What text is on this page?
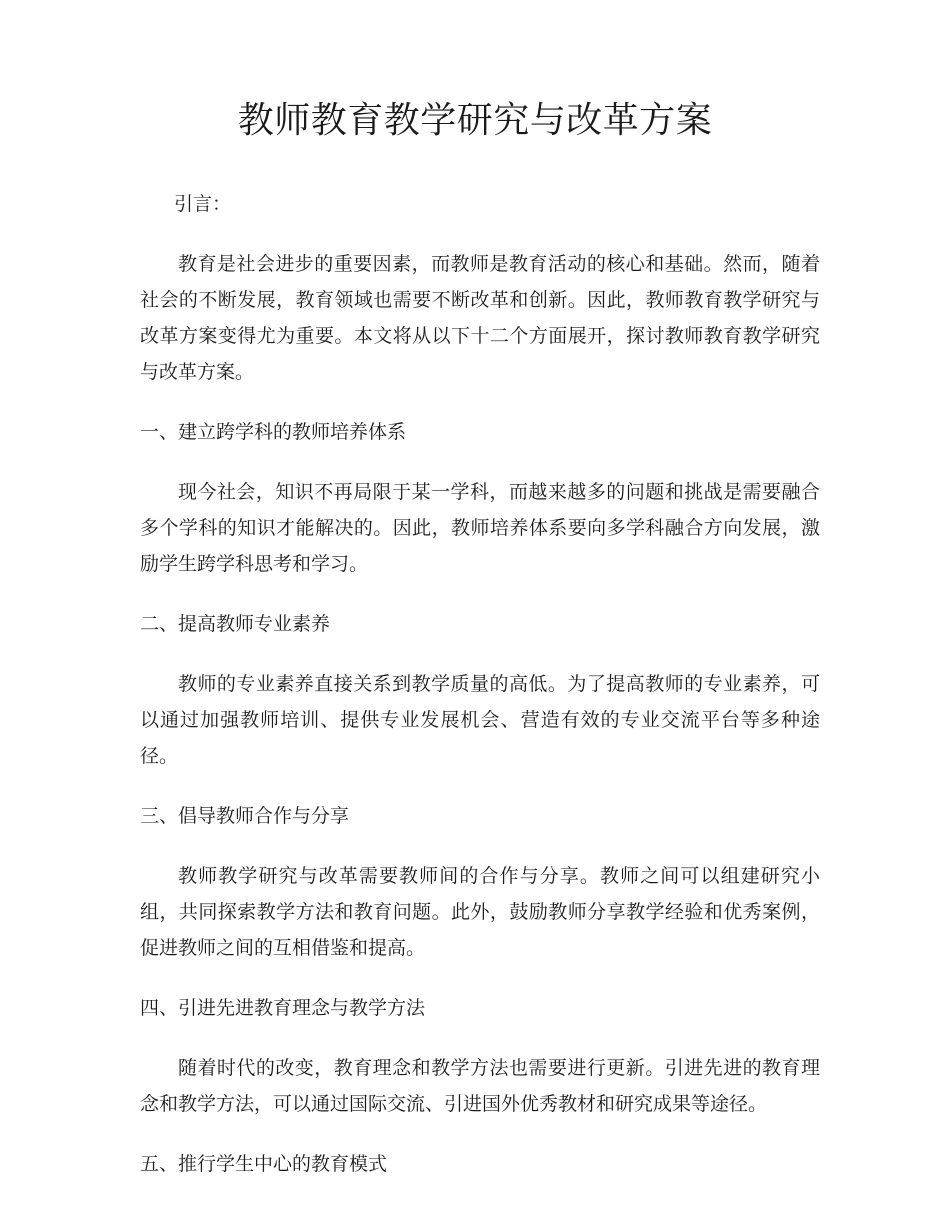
教师教育教学研究与改革方案

引言：

教育是社会进步的重要因素，而教师是教育活动的核心和基础。然而，随着社会的不断发展，教育领域也需要不断改革和创新。因此，教师教育教学研究与改革方案变得尤为重要。本文将从以下十二个方面展开，探讨教师教育教学研究与改革方案。

一、建立跨学科的教师培养体系

现今社会，知识不再局限于某一学科，而越来越多的问题和挑战是需要融合多个学科的知识才能解决的。因此，教师培养体系要向多学科融合方向发展，激励学生跨学科思考和学习。

二、提高教师专业素养

教师的专业素养直接关系到教学质量的高低。为了提高教师的专业素养，可以通过加强教师培训、提供专业发展机会、营造有效的专业交流平台等多种途径。

三、倡导教师合作与分享

教师教学研究与改革需要教师间的合作与分享。教师之间可以组建研究小组，共同探索教学方法和教育问题。此外，鼓励教师分享教学经验和优秀案例，促进教师之间的互相借鉴和提高。

四、引进先进教育理念与教学方法

随着时代的改变，教育理念和教学方法也需要进行更新。引进先进的教育理念和教学方法，可以通过国际交流、引进国外优秀教材和研究成果等途径。

五、推行学生中心的教育模式
